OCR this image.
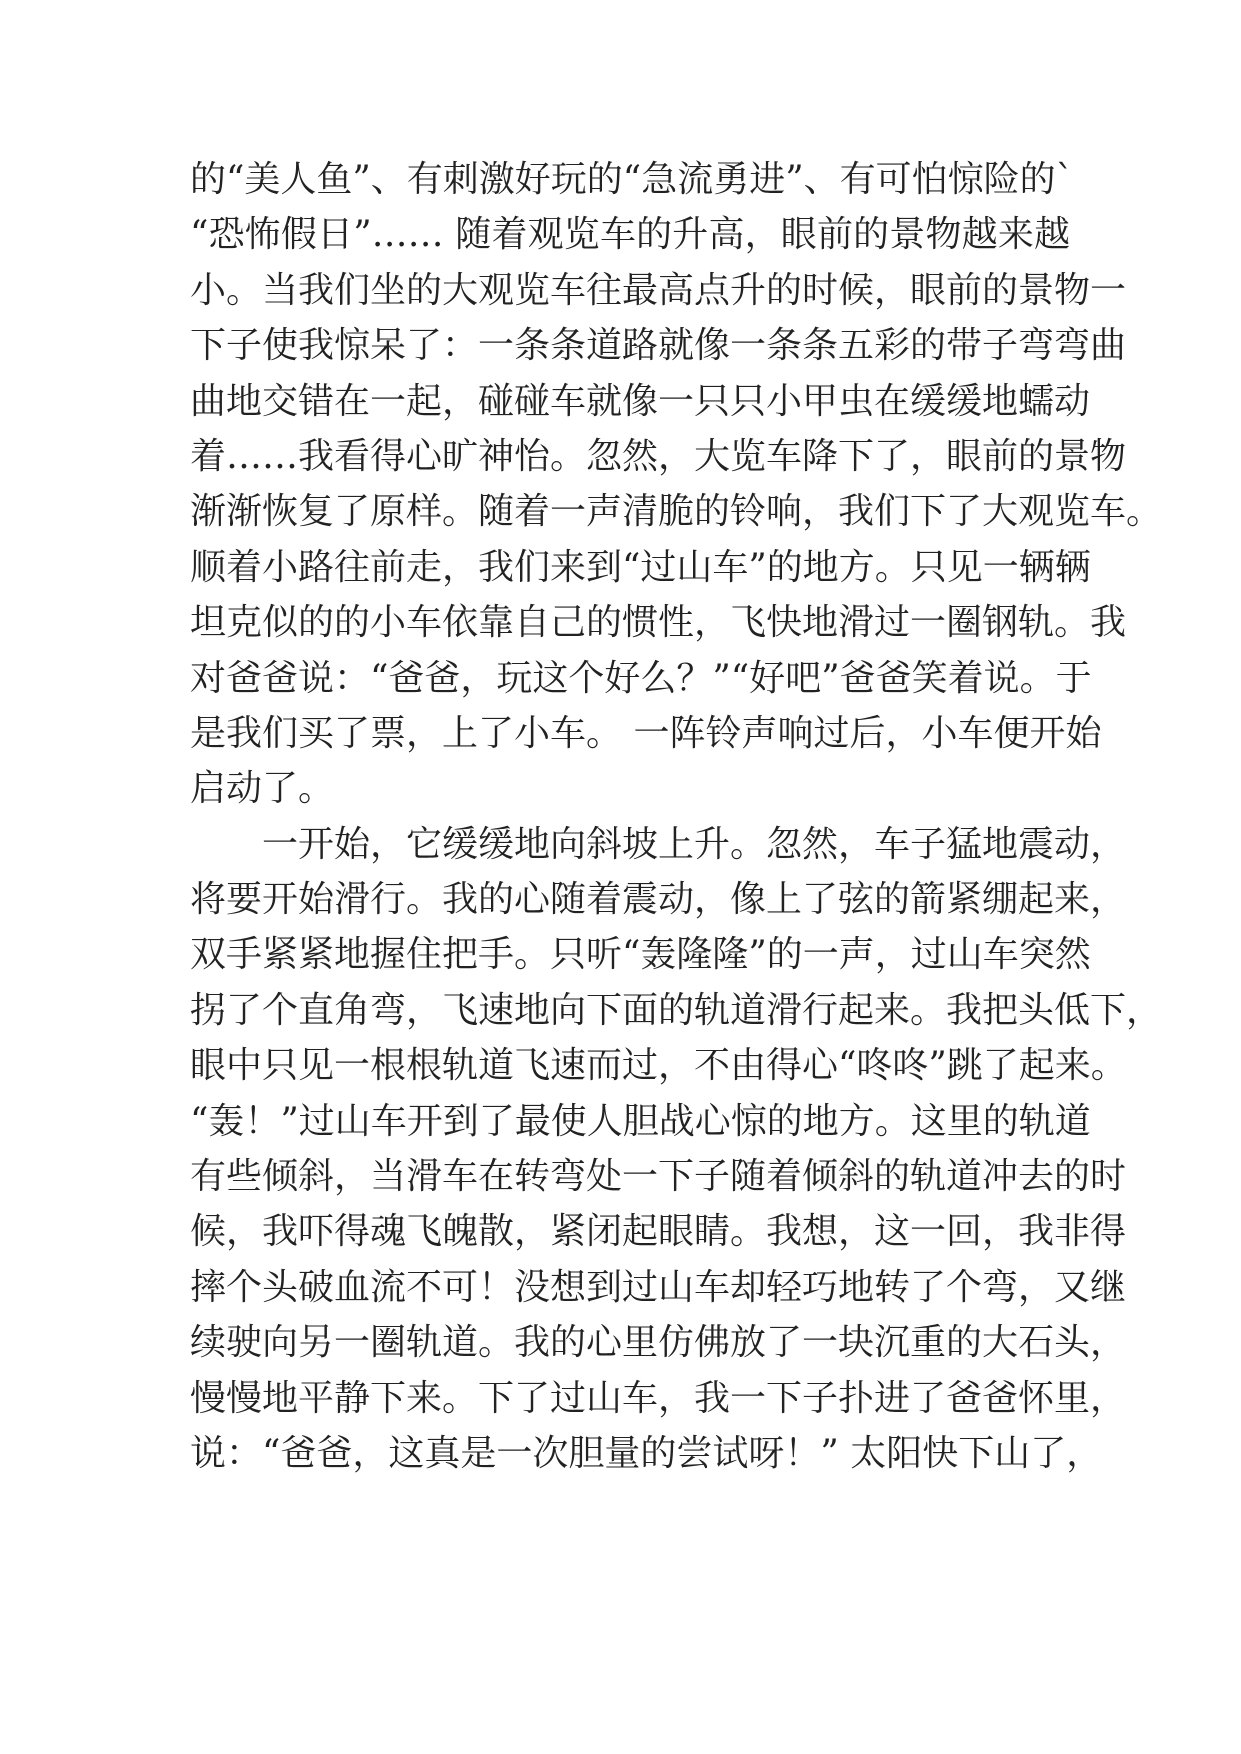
的“美人鱼”、有刺激好玩的“急流勇进”、有可怕惊险的`
“恐怖假日”…… 随着观览车的升高，眼前的景物越来越
小。当我们坐的大观览车往最高点升的时候，眼前的景物一
下子使我惊呆了：一条条道路就像一条条五彩的带子弯弯曲
曲地交错在一起，碰碰车就像一只只小甲虫在缓缓地蠕动
着……我看得心旷神怡。忽然，大览车降下了，眼前的景物
渐渐恢复了原样。随着一声清脆的铃响，我们下了大观览车。
顺着小路往前走，我们来到“过山车”的地方。只见一辆辆
坦克似的的小车依靠自己的惯性，飞快地滑过一圈钢轨。我
对爸爸说：“爸爸，玩这个好么？”“好吧”爸爸笑着说。于
是我们买了票，上了小车。 一阵铃声响过后，小车便开始
启动了。
一开始，它缓缓地向斜坡上升。忽然，车子猛地震动，
将要开始滑行。我的心随着震动，像上了弦的箭紧绷起来，
双手紧紧地握住把手。只听“轰隆隆”的一声，过山车突然
拐了个直角弯，飞速地向下面的轨道滑行起来。我把头低下，
眼中只见一根根轨道飞速而过，不由得心“咚咚”跳了起来。
“轰！”过山车开到了最使人胆战心惊的地方。这里的轨道
有些倾斜，当滑车在转弯处一下子随着倾斜的轨道冲去的时
候，我吓得魂飞魄散，紧闭起眼睛。我想，这一回，我非得
摔个头破血流不可！没想到过山车却轻巧地转了个弯，又继
续驶向另一圈轨道。我的心里仿佛放了一块沉重的大石头，
慢慢地平静下来。下了过山车，我一下子扑进了爸爸怀里，
说：“爸爸，这真是一次胆量的尝试呀！” 太阳快下山了，
